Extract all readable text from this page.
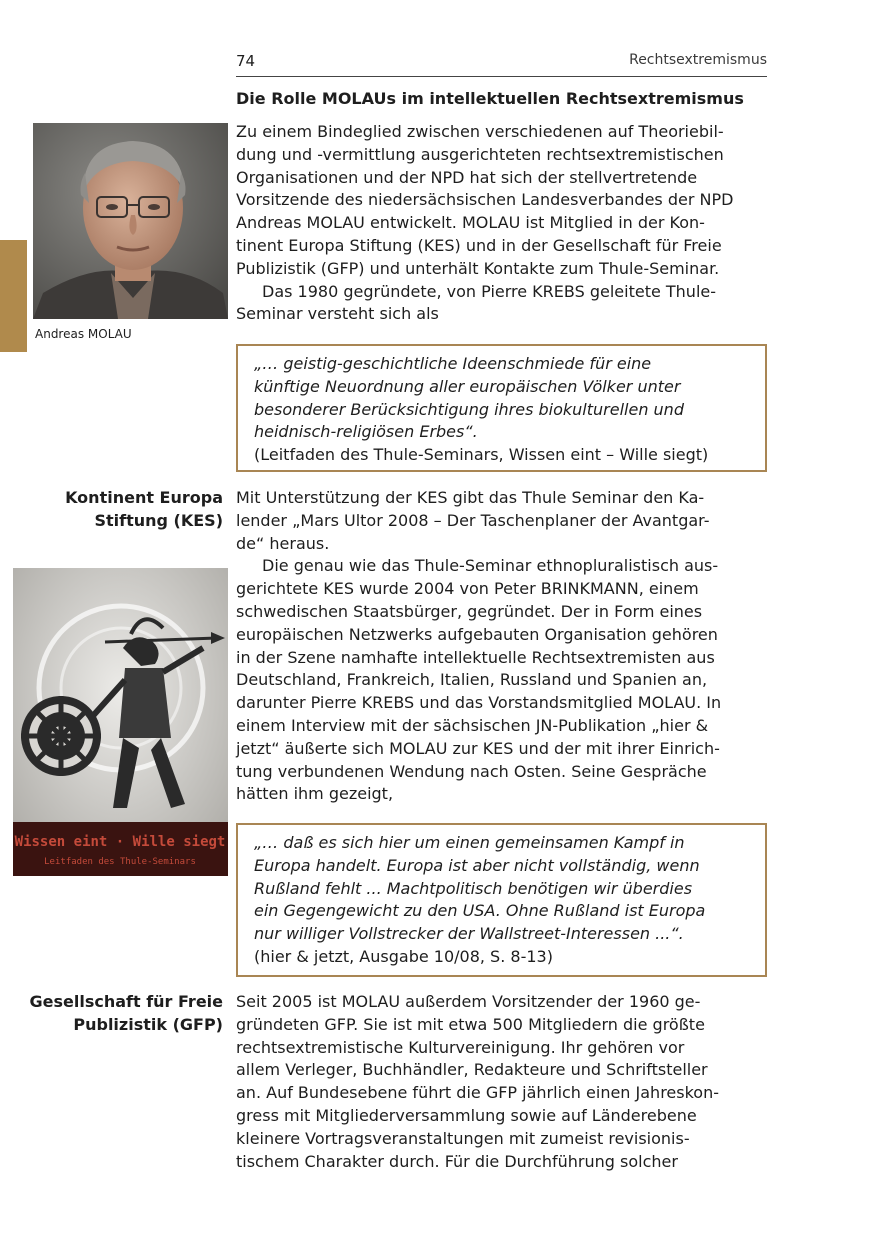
74	Rechtsextremismus
Die Rolle MOLAUs im intellektuellen Rechtsextremismus
Andreas MOLAU
Zu einem Bindeglied zwischen verschiedenen auf Theoriebil-
dung und -vermittlung ausgerichteten rechtsextremistischen
Organisationen und der NPD hat sich der stellvertretende
Vorsitzende des niedersächsischen Landesverbandes der NPD
Andreas MOLAU entwickelt. MOLAU ist Mitglied in der Kon-
tinent Europa Stiftung (KES) und in der Gesellschaft für Freie
Publizistik (GFP) und unterhält Kontakte zum Thule-Seminar.
Das 1980 gegründete, von Pierre KREBS geleitete Thule-
Seminar versteht sich als
„… geistig-geschichtliche Ideenschmiede für eine
künftige Neuordnung aller europäischen Völker unter
besonderer Berücksichtigung ihres biokulturellen und
heidnisch-religiösen Erbes“.
(Leitfaden des Thule-Seminars, Wissen eint – Wille siegt)
Kontinent Europa
Stiftung (KES)
Mit Unterstützung der KES gibt das Thule Seminar den Ka-
lender „Mars Ultor 2008 – Der Taschenplaner der Avantgar-
de“ heraus.
Die genau wie das Thule-Seminar ethnopluralistisch aus-
gerichtete KES wurde 2004 von Peter BRINKMANN, einem
schwedischen Staatsbürger, gegründet. Der in Form eines
europäischen Netzwerks aufgebauten Organisation gehören
in der Szene namhafte intellektuelle Rechtsextremisten aus
Deutschland, Frankreich, Italien, Russland und Spanien an,
darunter Pierre KREBS und das Vorstandsmitglied MOLAU. In
einem Interview mit der sächsischen JN-Publikation „hier &
jetzt“ äußerte sich MOLAU zur KES und der mit ihrer Einrich-
tung verbundenen Wendung nach Osten. Seine Gespräche
hätten ihm gezeigt,
Wissen eint · Wille siegt
Leitfaden des Thule-Seminars
„… daß es sich hier um einen gemeinsamen Kampf in
Europa handelt. Europa ist aber nicht vollständig, wenn
Rußland fehlt ... Machtpolitisch benötigen wir überdies
ein Gegengewicht zu den USA. Ohne Rußland ist Europa
nur williger Vollstrecker der Wallstreet-Interessen ...“.
(hier & jetzt, Ausgabe 10/08, S. 8-13)
Gesellschaft für Freie
Publizistik (GFP)
Seit 2005 ist MOLAU außerdem Vorsitzender der 1960 ge-
gründeten GFP. Sie ist mit etwa 500 Mitgliedern die größte
rechtsextremistische Kulturvereinigung. Ihr gehören vor
allem Verleger, Buchhändler, Redakteure und Schriftsteller
an. Auf Bundesebene führt die GFP jährlich einen Jahreskon-
gress mit Mitgliederversammlung sowie auf Länderebene
kleinere Vortragsveranstaltungen mit zumeist revisionis-
tischem Charakter durch. Für die Durchführung solcher
